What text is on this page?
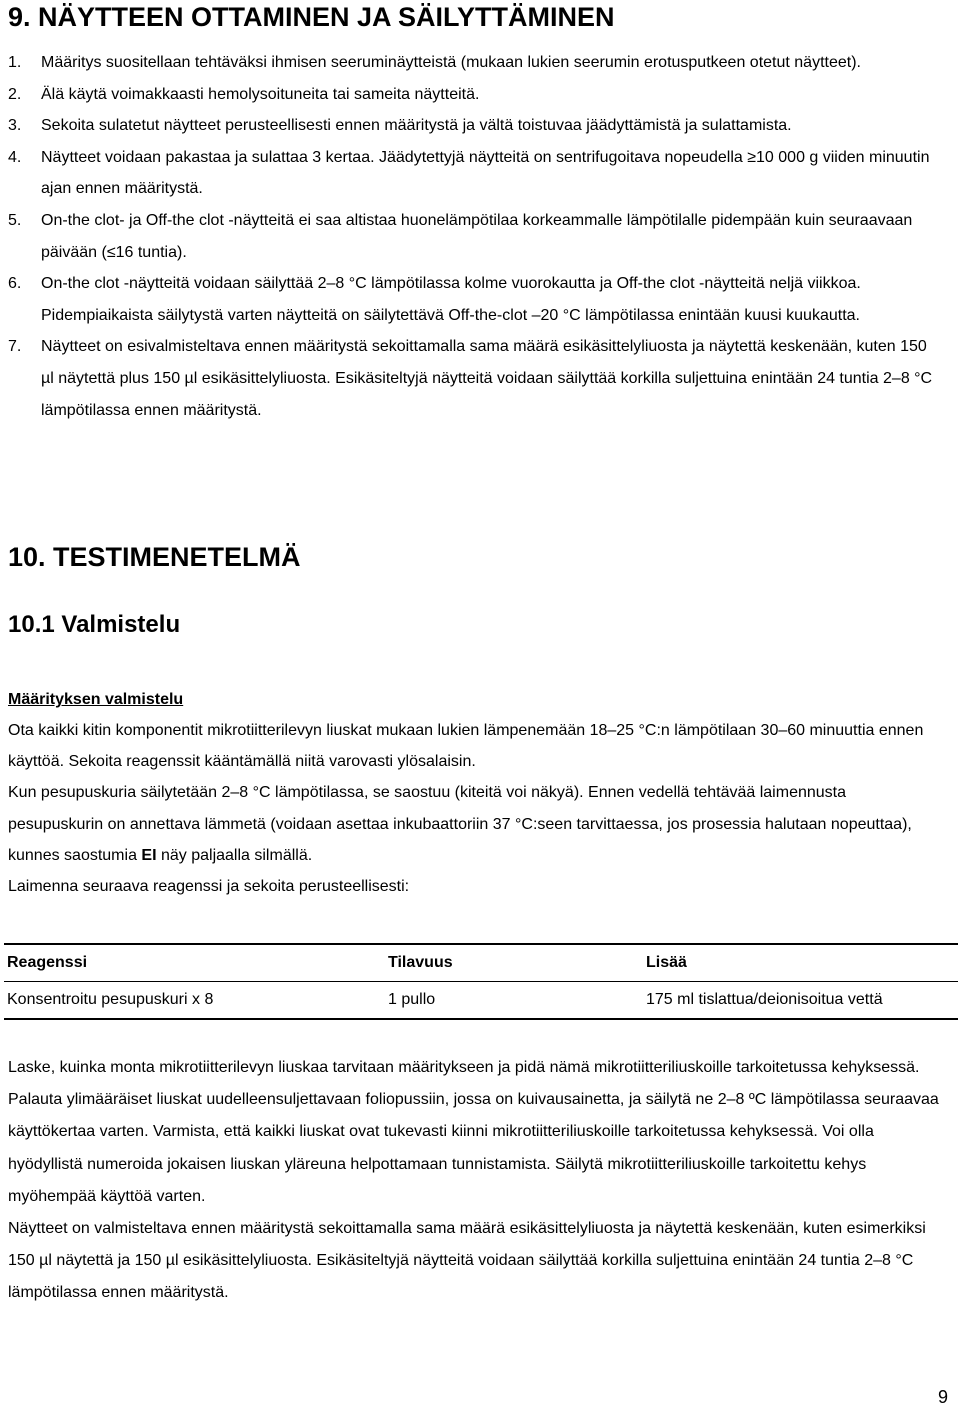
9. NÄYTTEEN OTTAMINEN JA SÄILYTTÄMINEN
1.	Määritys suositellaan tehtäväksi ihmisen seeruminäytteistä (mukaan lukien seerumin erotusputkeen otetut näytteet).
2.	Älä käytä voimakkaasti hemolysoituneita tai sameita näytteitä.
3.	Sekoita sulatetut näytteet perusteellisesti ennen määritystä ja vältä toistuvaa jäädyttämistä ja sulattamista.
4.	Näytteet voidaan pakastaa ja sulattaa 3 kertaa. Jäädytettyjä näytteitä on sentrifugoitava nopeudella ≥10 000 g viiden minuutin ajan ennen määritystä.
5.	On-the clot- ja Off-the clot -näytteitä ei saa altistaa huonelämpötilaa korkeammalle lämpötilalle pidempään kuin seuraavaan päivään (≤16 tuntia).
6.	On-the clot -näytteitä voidaan säilyttää 2–8 °C lämpötilassa kolme vuorokautta ja Off-the clot -näytteitä neljä viikkoa. Pidempiaikaista säilytystä varten näytteitä on säilytettävä Off-the-clot –20 °C lämpötilassa enintään kuusi kuukautta.
7.	Näytteet on esivalmisteltava ennen määritystä sekoittamalla sama määrä esikäsittelyliuosta ja näytettä keskenään, kuten 150 µl näytettä plus 150 µl esikäsittelyliuosta. Esikäsiteltyjä näytteitä voidaan säilyttää korkilla suljettuina enintään 24 tuntia 2–8 °C lämpötilassa ennen määritystä.
10. TESTIMENETELMÄ
10.1 Valmistelu

Määrityksen valmistelu

Ota kaikki kitin komponentit mikrotiitterilevyn liuskat mukaan lukien lämpenemään 18–25 °C:n lämpötilaan 30–60 minuuttia ennen käyttöä. Sekoita reagenssit kääntämällä niitä varovasti ylösalaisin.

Kun pesupuskuria säilytetään 2–8 °C lämpötilassa, se saostuu (kiteitä voi näkyä). Ennen vedellä tehtävää laimennusta pesupuskurin on annettava lämmetä (voidaan asettaa inkubaattoriin 37 °C:seen tarvittaessa, jos prosessia halutaan nopeuttaa), kunnes saostumia EI näy paljaalla silmällä.

Laimenna seuraava reagenssi ja sekoita perusteellisesti:

Reagenssi	Tilavuus	Lisää
Konsentroitu pesupuskuri x 8	1 pullo	175 ml tislattua/deionisoitua vettä

Laske, kuinka monta mikrotiitterilevyn liuskaa tarvitaan määritykseen ja pidä nämä mikrotiitteriliuskoille tarkoitetussa kehyksessä. Palauta ylimääräiset liuskat uudelleensuljettavaan foliopussiin, jossa on kuivausainetta, ja säilytä ne 2–8 ºC lämpötilassa seuraavaa käyttökertaa varten. Varmista, että kaikki liuskat ovat tukevasti kiinni mikrotiitteriliuskoille tarkoitetussa kehyksessä. Voi olla hyödyllistä numeroida jokaisen liuskan yläreuna helpottamaan tunnistamista. Säilytä mikrotiitteriliuskoille tarkoitettu kehys myöhempää käyttöä varten.

Näytteet on valmisteltava ennen määritystä sekoittamalla sama määrä esikäsittelyliuosta ja näytettä keskenään, kuten esimerkiksi 150 µl näytettä ja 150 µl esikäsittelyliuosta. Esikäsiteltyjä näytteitä voidaan säilyttää korkilla suljettuina enintään 24 tuntia 2–8 °C lämpötilassa ennen määritystä.

9
